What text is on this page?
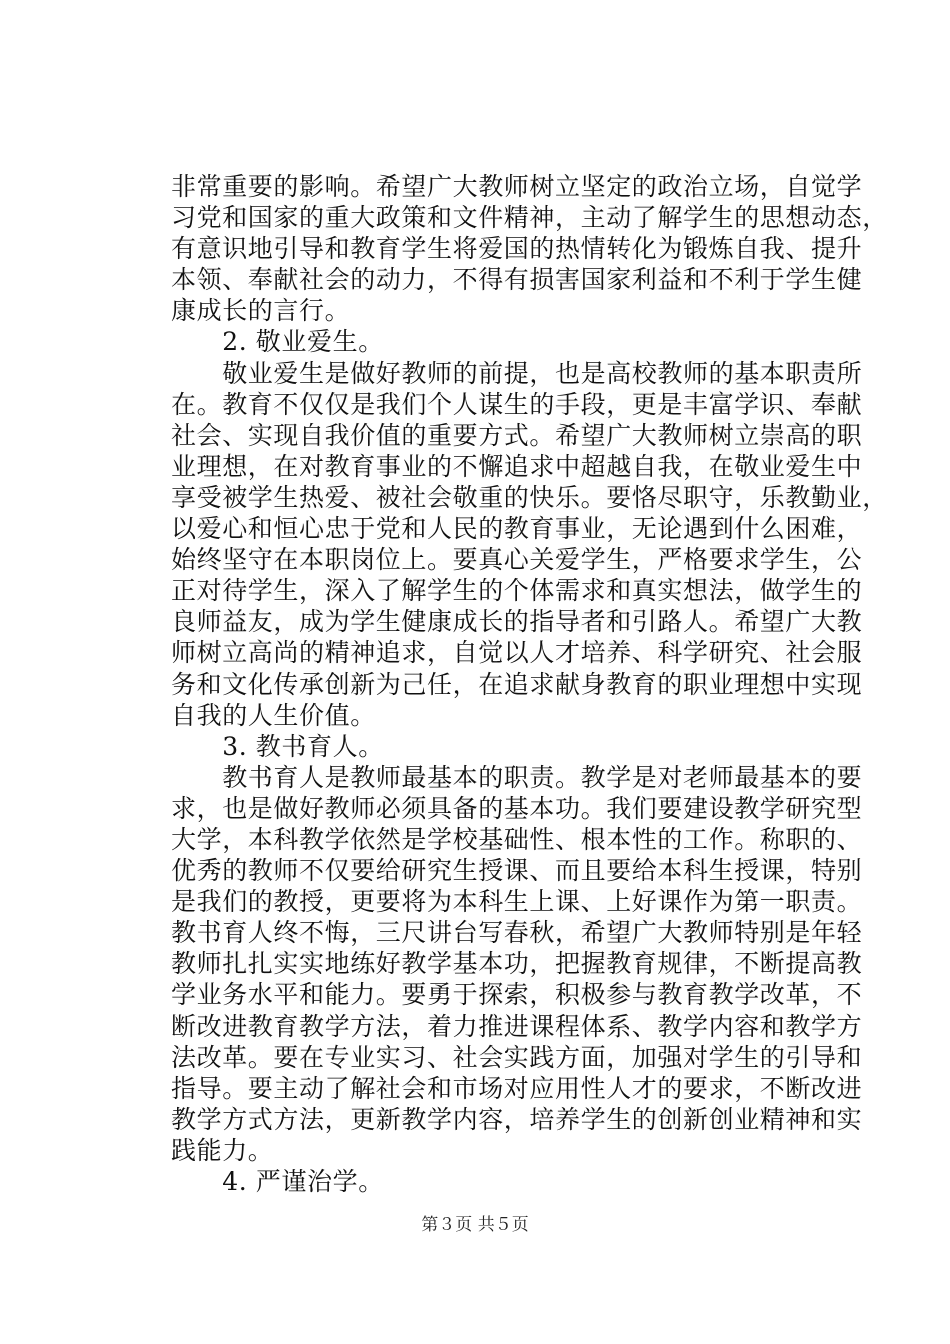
非常重要的影响。希望广大教师树立坚定的政治立场，自觉学
习党和国家的重大政策和文件精神，主动了解学生的思想动态，
有意识地引导和教育学生将爱国的热情转化为锻炼自我、提升
本领、奉献社会的动力，不得有损害国家利益和不利于学生健
康成长的言行。
　　2. 敬业爱生。
　　敬业爱生是做好教师的前提，也是高校教师的基本职责所
在。教育不仅仅是我们个人谋生的手段，更是丰富学识、奉献
社会、实现自我价值的重要方式。希望广大教师树立崇高的职
业理想，在对教育事业的不懈追求中超越自我，在敬业爱生中
享受被学生热爱、被社会敬重的快乐。要恪尽职守，乐教勤业，
以爱心和恒心忠于党和人民的教育事业，无论遇到什么困难，
始终坚守在本职岗位上。要真心关爱学生，严格要求学生，公
正对待学生，深入了解学生的个体需求和真实想法，做学生的
良师益友，成为学生健康成长的指导者和引路人。希望广大教
师树立高尚的精神追求，自觉以人才培养、科学研究、社会服
务和文化传承创新为己任，在追求献身教育的职业理想中实现
自我的人生价值。
　　3. 教书育人。
　　教书育人是教师最基本的职责。教学是对老师最基本的要
求，也是做好教师必须具备的基本功。我们要建设教学研究型
大学，本科教学依然是学校基础性、根本性的工作。称职的、
优秀的教师不仅要给研究生授课、而且要给本科生授课，特别
是我们的教授，更要将为本科生上课、上好课作为第一职责。
教书育人终不悔，三尺讲台写春秋，希望广大教师特别是年轻
教师扎扎实实地练好教学基本功，把握教育规律，不断提高教
学业务水平和能力。要勇于探索，积极参与教育教学改革，不
断改进教育教学方法，着力推进课程体系、教学内容和教学方
法改革。要在专业实习、社会实践方面，加强对学生的引导和
指导。要主动了解社会和市场对应用性人才的要求，不断改进
教学方式方法，更新教学内容，培养学生的创新创业精神和实
践能力。
　　4. 严谨治学。
第３页 共５页
